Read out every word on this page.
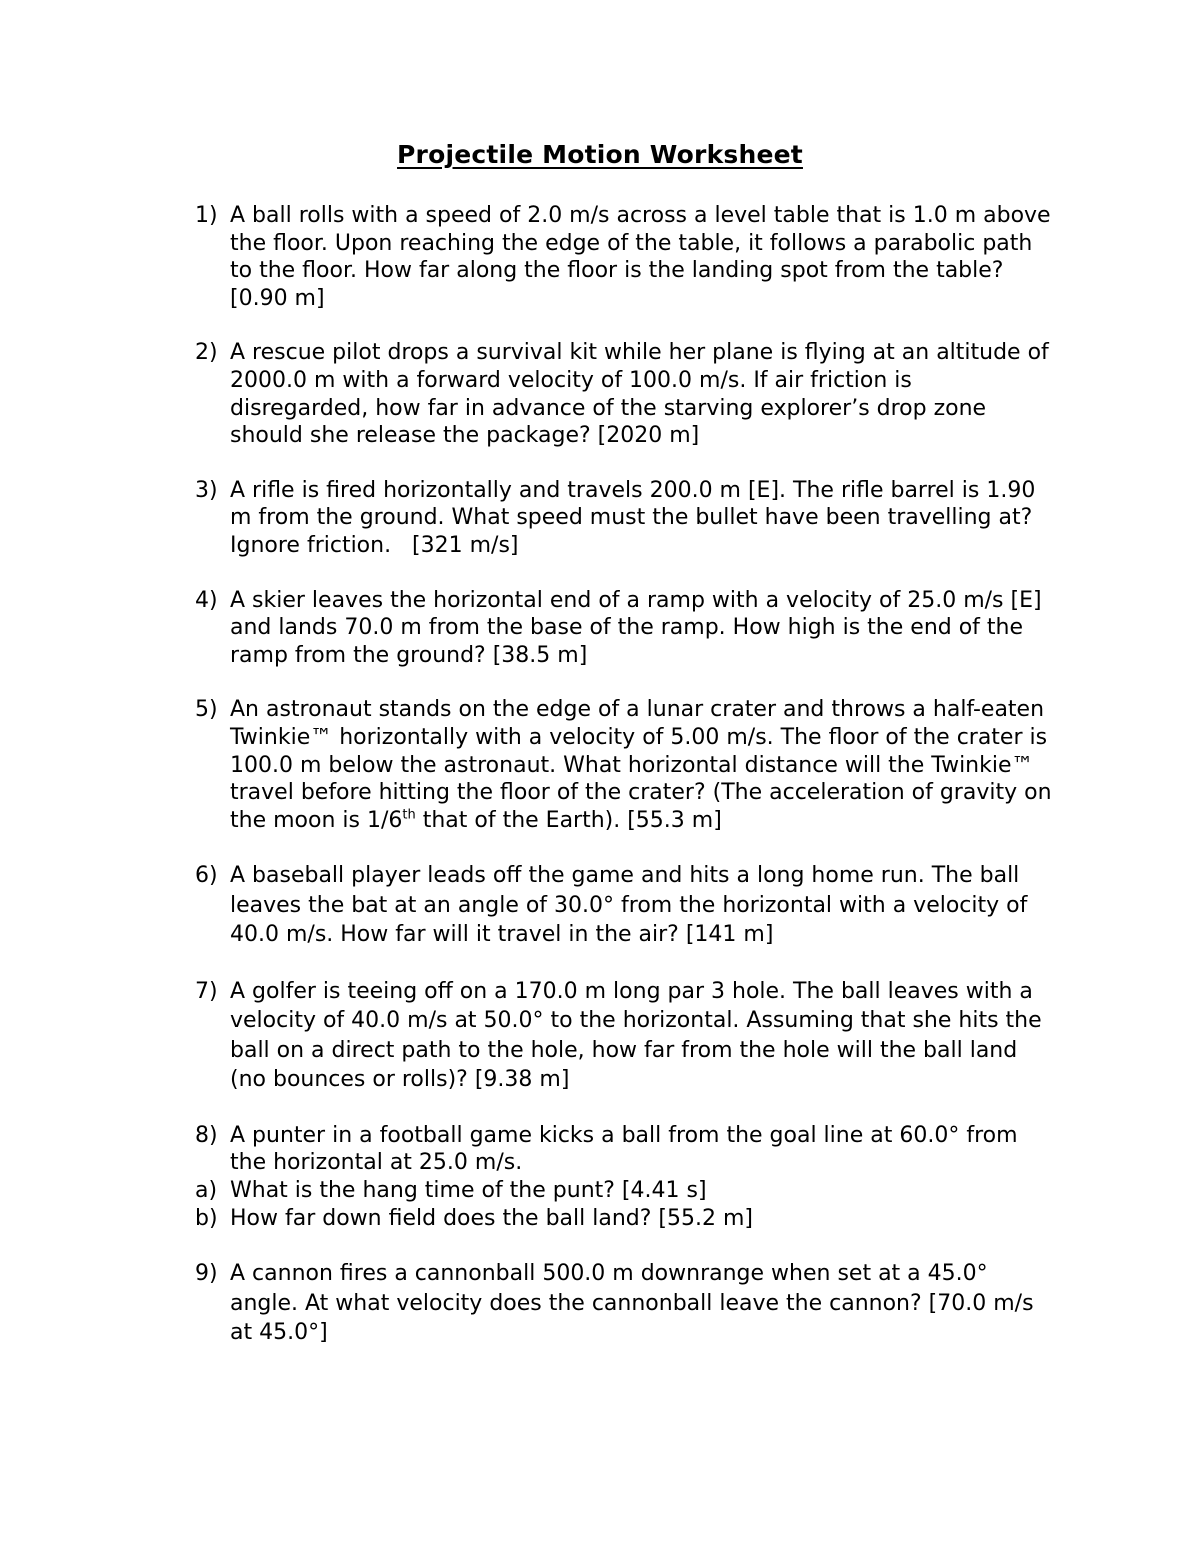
Projectile Motion Worksheet
1) A ball rolls with a speed of 2.0 m/s across a level table that is 1.0 m above the floor. Upon reaching the edge of the table, it follows a parabolic path to the floor. How far along the floor is the landing spot from the table? [0.90 m]
2) A rescue pilot drops a survival kit while her plane is flying at an altitude of 2000.0 m with a forward velocity of 100.0 m/s. If air friction is disregarded, how far in advance of the starving explorer’s drop zone should she release the package? [2020 m]
3) A rifle is fired horizontally and travels 200.0 m [E]. The rifle barrel is 1.90 m from the ground. What speed must the bullet have been travelling at? Ignore friction.   [321 m/s]
4) A skier leaves the horizontal end of a ramp with a velocity of 25.0 m/s [E] and lands 70.0 m from the base of the ramp. How high is the end of the ramp from the ground? [38.5 m]
5) An astronaut stands on the edge of a lunar crater and throws a half-eaten Twinkie™ horizontally with a velocity of 5.00 m/s. The floor of the crater is 100.0 m below the astronaut. What horizontal distance will the Twinkie™ travel before hitting the floor of the crater? (The acceleration of gravity on the moon is 1/6th that of the Earth). [55.3 m]
6) A baseball player leads off the game and hits a long home run. The ball leaves the bat at an angle of 30.0° from the horizontal with a velocity of 40.0 m/s. How far will it travel in the air? [141 m]
7) A golfer is teeing off on a 170.0 m long par 3 hole. The ball leaves with a velocity of 40.0 m/s at 50.0° to the horizontal. Assuming that she hits the ball on a direct path to the hole, how far from the hole will the ball land (no bounces or rolls)? [9.38 m]
8) A punter in a football game kicks a ball from the goal line at 60.0° from the horizontal at 25.0 m/s.
a) What is the hang time of the punt? [4.41 s]
b) How far down field does the ball land? [55.2 m]
9) A cannon fires a cannonball 500.0 m downrange when set at a 45.0° angle. At what velocity does the cannonball leave the cannon? [70.0 m/s at 45.0°]
